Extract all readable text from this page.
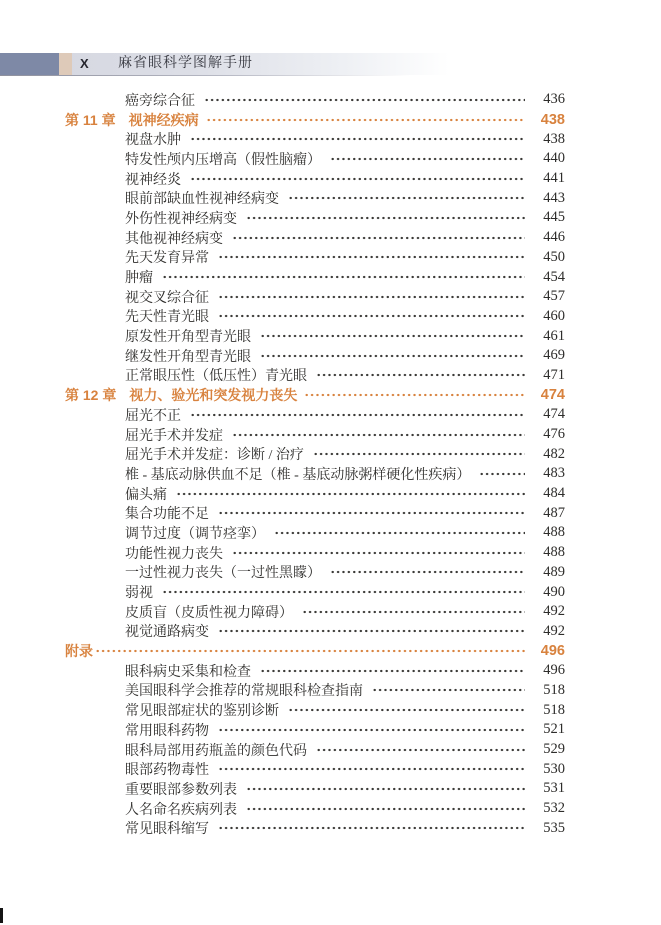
X 麻省眼科学图解手册
癌旁综合征	436
第 11 章 视神经疾病	438
视盘水肿	438
特发性颅内压增高（假性脑瘤）	440
视神经炎	441
眼前部缺血性视神经病变	443
外伤性视神经病变	445
其他视神经病变	446
先天发育异常	450
肿瘤	454
视交叉综合征	457
先天性青光眼	460
原发性开角型青光眼	461
继发性开角型青光眼	469
正常眼压性（低压性）青光眼	471
第 12 章 视力、验光和突发视力丧失	474
屈光不正	474
屈光手术并发症	476
屈光手术并发症：诊断 / 治疗	482
椎 - 基底动脉供血不足（椎 - 基底动脉粥样硬化性疾病）	483
偏头痛	484
集合功能不足	487
调节过度（调节痉挛）	488
功能性视力丧失	488
一过性视力丧失（一过性黑矇）	489
弱视	490
皮质盲（皮质性视力障碍）	492
视觉通路病变	492
附录	496
眼科病史采集和检查	496
美国眼科学会推荐的常规眼科检查指南	518
常见眼部症状的鉴别诊断	518
常用眼科药物	521
眼科局部用药瓶盖的颜色代码	529
眼部药物毒性	530
重要眼部参数列表	531
人名命名疾病列表	532
常见眼科缩写	535
